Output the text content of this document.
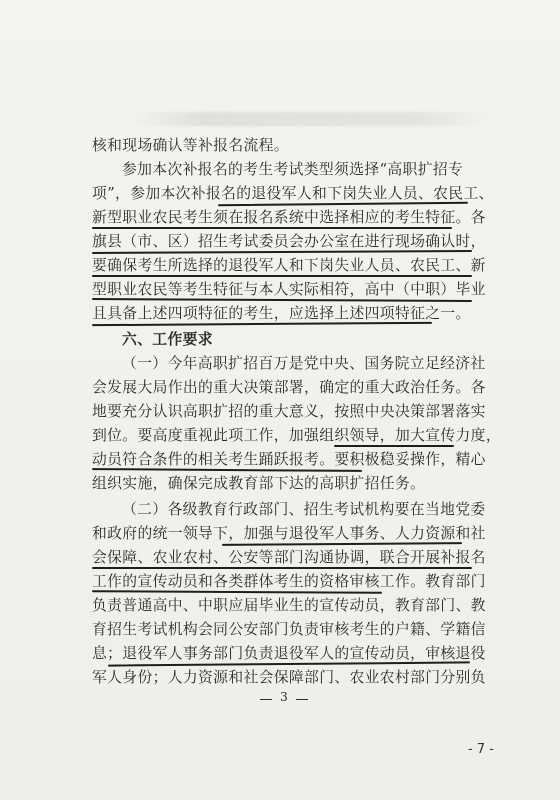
核和现场确认等补报名流程。
参加本次补报名的考生考试类型须选择“高职扩招专
项”，参加本次补报名的退役军人和下岗失业人员、农民工、
新型职业农民考生须在报名系统中选择相应的考生特征。各
旗县（市、区）招生考试委员会办公室在进行现场确认时，
要确保考生所选择的退役军人和下岗失业人员、农民工、新
型职业农民等考生特征与本人实际相符，高中（中职）毕业
且具备上述四项特征的考生，应选择上述四项特征之一。
六、工作要求
（一）今年高职扩招百万是党中央、国务院立足经济社
会发展大局作出的重大决策部署，确定的重大政治任务。各
地要充分认识高职扩招的重大意义，按照中央决策部署落实
到位。要高度重视此项工作，加强组织领导，加大宣传力度，
动员符合条件的相关考生踊跃报考。要积极稳妥操作，精心
组织实施，确保完成教育部下达的高职扩招任务。
（二）各级教育行政部门、招生考试机构要在当地党委
和政府的统一领导下，加强与退役军人事务、人力资源和社
会保障、农业农村、公安等部门沟通协调，联合开展补报名
工作的宣传动员和各类群体考生的资格审核工作。教育部门
负责普通高中、中职应届毕业生的宣传动员，教育部门、教
育招生考试机构会同公安部门负责审核考生的户籍、学籍信
息；退役军人事务部门负责退役军人的宣传动员，审核退役
军人身份；人力资源和社会保障部门、农业农村部门分别负
3
- 7 -
